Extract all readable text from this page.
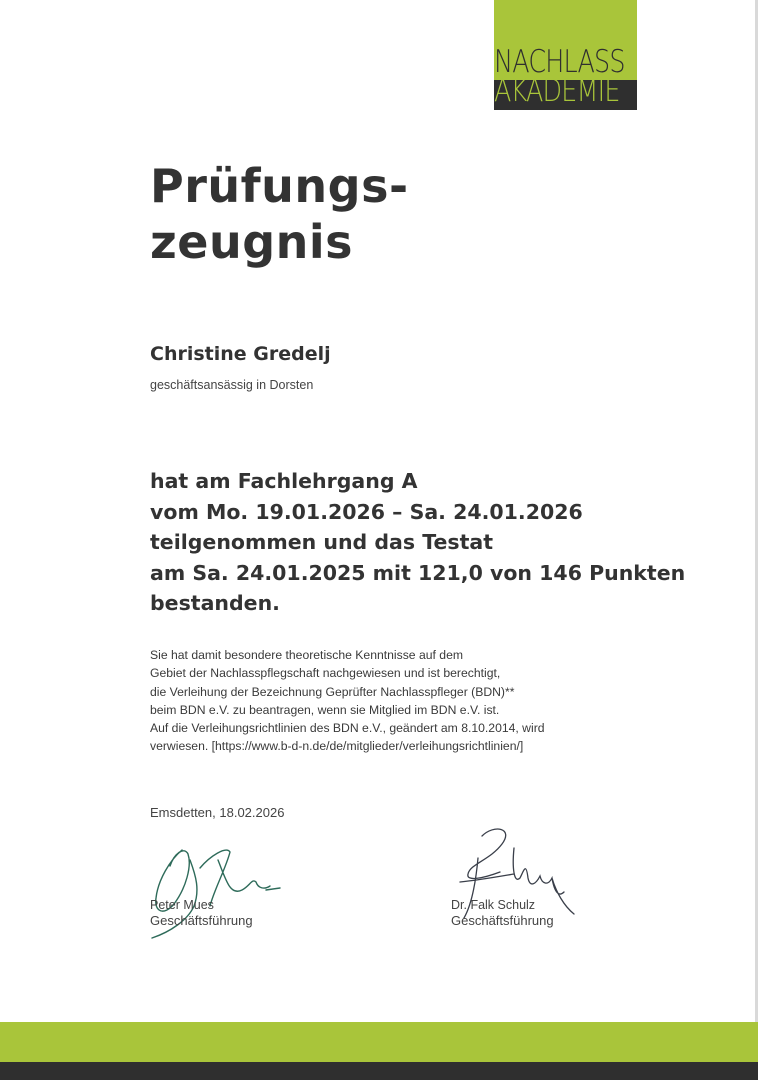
NACHLASS
AKADEMIE
Prüfungs-
zeugnis
Christine Gredelj
geschäftsansässig in Dorsten
hat am Fachlehrgang A
vom Mo. 19.01.2026 – Sa. 24.01.2026
teilgenommen und das Testat
am Sa. 24.01.2025 mit 121,0 von 146 Punkten
bestanden.
Sie hat damit besondere theoretische Kenntnisse auf dem
Gebiet der Nachlasspflegschaft nachgewiesen und ist berechtigt,
die Verleihung der Bezeichnung Geprüfter Nachlasspfleger (BDN)**
beim BDN e.V. zu beantragen, wenn sie Mitglied im BDN e.V. ist.
Auf die Verleihungsrichtlinien des BDN e.V., geändert am 8.10.2014, wird
verwiesen. [https://www.b-d-n.de/de/mitglieder/verleihungsrichtlinien/]
Emsdetten, 18.02.2026
Peter Mues
Geschäftsführung
Dr. Falk Schulz
Geschäftsführung
